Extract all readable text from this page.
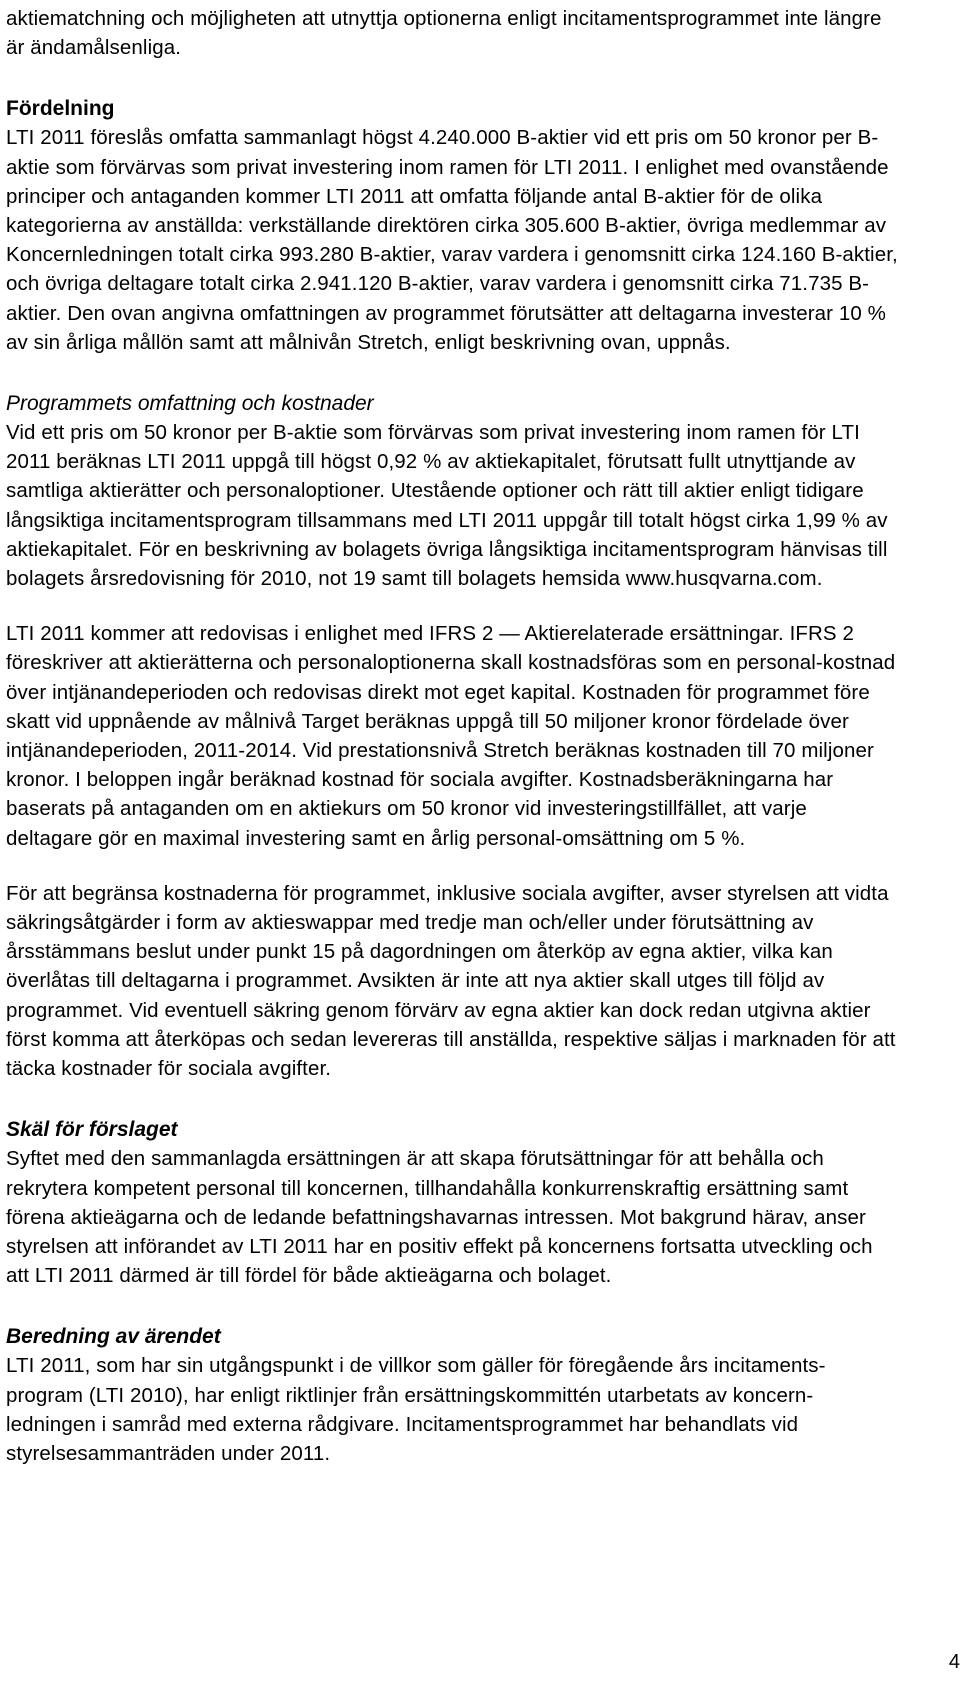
aktiematchning och möjligheten att utnyttja optionerna enligt incitamentsprogrammet inte längre är ändamålsenliga.

Fördelning

LTI 2011 föreslås omfatta sammanlagt högst 4.240.000 B-aktier vid ett pris om 50 kronor per B-aktie som förvärvas som privat investering inom ramen för LTI 2011. I enlighet med ovanstående principer och antaganden kommer LTI 2011 att omfatta följande antal B-aktier för de olika kategorierna av anställda: verkställande direktören cirka 305.600 B-aktier, övriga medlemmar av Koncernledningen totalt cirka 993.280 B-aktier, varav vardera i genomsnitt cirka 124.160 B-aktier, och övriga deltagare totalt cirka 2.941.120 B-aktier, varav vardera i genomsnitt cirka 71.735 B-aktier. Den ovan angivna omfattningen av programmet förutsätter att deltagarna investerar 10 % av sin årliga mållön samt att målnivån Stretch, enligt beskrivning ovan, uppnås.

Programmets omfattning och kostnader

Vid ett pris om 50 kronor per B-aktie som förvärvas som privat investering inom ramen för LTI 2011 beräknas LTI 2011 uppgå till högst 0,92 % av aktiekapitalet, förutsatt fullt utnyttjande av samtliga aktierätter och personaloptioner. Utestående optioner och rätt till aktier enligt tidigare långsiktiga incitamentsprogram tillsammans med LTI 2011 uppgår till totalt högst cirka 1,99 % av aktiekapitalet. För en beskrivning av bolagets övriga långsiktiga incitamentsprogram hänvisas till bolagets årsredovisning för 2010, not 19 samt till bolagets hemsida www.husqvarna.com.

LTI 2011 kommer att redovisas i enlighet med IFRS 2 — Aktierelaterade ersättningar. IFRS 2 föreskriver att aktierätterna och personaloptionerna skall kostnadsföras som en personal-kostnad över intjänandeperioden och redovisas direkt mot eget kapital. Kostnaden för programmet före skatt vid uppnående av målnivå Target beräknas uppgå till 50 miljoner kronor fördelade över intjänandeperioden, 2011-2014. Vid prestationsnivå Stretch beräknas kostnaden till 70 miljoner kronor. I beloppen ingår beräknad kostnad för sociala avgifter. Kostnadsberäkningarna har baserats på antaganden om en aktiekurs om 50 kronor vid investeringstillfället, att varje deltagare gör en maximal investering samt en årlig personal-omsättning om 5 %.

För att begränsa kostnaderna för programmet, inklusive sociala avgifter, avser styrelsen att vidta säkringsåtgärder i form av aktieswappar med tredje man och/eller under förutsättning av årsstämmans beslut under punkt 15 på dagordningen om återköp av egna aktier, vilka kan överlåtas till deltagarna i programmet. Avsikten är inte att nya aktier skall utges till följd av programmet. Vid eventuell säkring genom förvärv av egna aktier kan dock redan utgivna aktier först komma att återköpas och sedan levereras till anställda, respektive säljas i marknaden för att täcka kostnader för sociala avgifter.

Skäl för förslaget

Syftet med den sammanlagda ersättningen är att skapa förutsättningar för att behålla och rekrytera kompetent personal till koncernen, tillhandahålla konkurrenskraftig ersättning samt förena aktieägarna och de ledande befattningshavarnas intressen. Mot bakgrund härav, anser styrelsen att införandet av LTI 2011 har en positiv effekt på koncernens fortsatta utveckling och att LTI 2011 därmed är till fördel för både aktieägarna och bolaget.

Beredning av ärendet

LTI 2011, som har sin utgångspunkt i de villkor som gäller för föregående års incitaments-program (LTI 2010), har enligt riktlinjer från ersättningskommittén utarbetats av koncern-ledningen i samråd med externa rådgivare. Incitamentsprogrammet har behandlats vid styrelsesammanträden under 2011.

4
